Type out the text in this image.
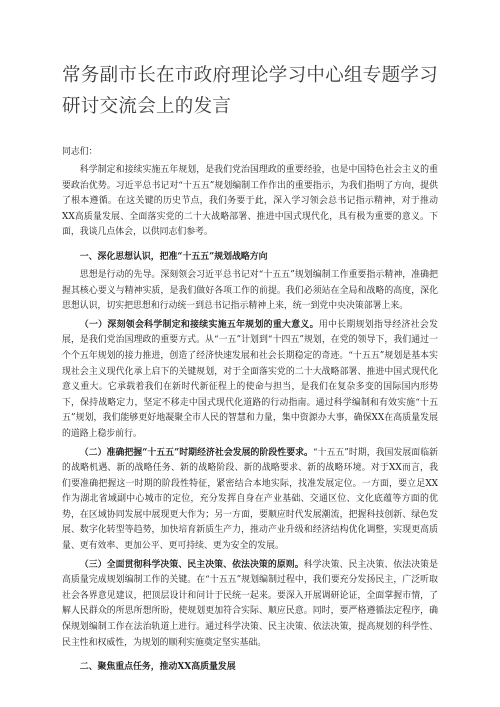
常务副市长在市政府理论学习中心组专题学习研讨交流会上的发言

同志们：

科学制定和接续实施五年规划，是我们党治国理政的重要经验，也是中国特色社会主义的重要政治优势。习近平总书记对“十五五”规划编制工作作出的重要指示，为我们指明了方向，提供了根本遵循。在这关键的历史节点，我们务要于此，深入学习领会总书记指示精神，对于推动XX高质量发展、全面落实党的二十大战略部署、推进中国式现代化，具有极为重要的意义。下面，我谈几点体会，以供同志们参考。

一、深化思想认识，把准“十五五”规划战略方向

思想是行动的先导。深刻领会习近平总书记对“十五五”规划编制工作重要指示精神，准确把握其核心要义与精神实质，是我们做好各项工作的前提。我们必须站在全局和战略的高度，深化思想认识，切实把思想和行动统一到总书记指示精神上来，统一到党中央决策部署上来。

（一）深刻领会科学制定和接续实施五年规划的重大意义。用中长期规划指导经济社会发展，是我们党治国理政的重要方式。从“一五”计划到“十四五”规划，在党的领导下，我们通过一个个五年规划的接力推进，创造了经济快速发展和社会长期稳定的奇迹。“十五五”规划是基本实现社会主义现代化承上启下的关键规划，对于全面落实党的二十大战略部署、推进中国式现代化意义重大。它承载着我们在新时代新征程上的使命与担当，是我们在复杂多变的国际国内形势下，保持战略定力，坚定不移走中国式现代化道路的行动指南。通过科学编制和有效实施“十五五”规划，我们能够更好地凝聚全市人民的智慧和力量，集中资源办大事，确保XX在高质量发展的道路上稳步前行。

（二）准确把握“十五五”时期经济社会发展的阶段性要求。“十五五”时期，我国发展面临新的战略机遇、新的战略任务、新的战略阶段、新的战略要求、新的战略环境。对于XX而言，我们要准确把握这一时期的阶段性特征，紧密结合本地实际，找准发展定位。一方面，要立足XX作为湖北省域副中心城市的定位，充分发挥自身在产业基础、交通区位、文化底蕴等方面的优势，在区域协同发展中展现更大作为；另一方面，要顺应时代发展潮流，把握科技创新、绿色发展、数字化转型等趋势，加快培育新质生产力，推动产业升级和经济结构优化调整，实现更高质量、更有效率、更加公平、更可持续、更为安全的发展。

（三）全面贯彻科学决策、民主决策、依法决策的原则。科学决策、民主决策、依法决策是高质量完成规划编制工作的关键。在“十五五”规划编制过程中，我们要充分发扬民主，广泛听取社会各界意见建议，把顶层设计和问计于民统一起来。要深入开展调研论证，全面掌握市情，了解人民群众的所思所想所盼，使规划更加符合实际、顺应民意。同时，要严格遵循法定程序，确保规划编制工作在法治轨道上进行。通过科学决策、民主决策、依法决策，提高规划的科学性、民主性和权威性，为规划的顺利实施奠定坚实基础。

二、聚焦重点任务，推动XX高质量发展
